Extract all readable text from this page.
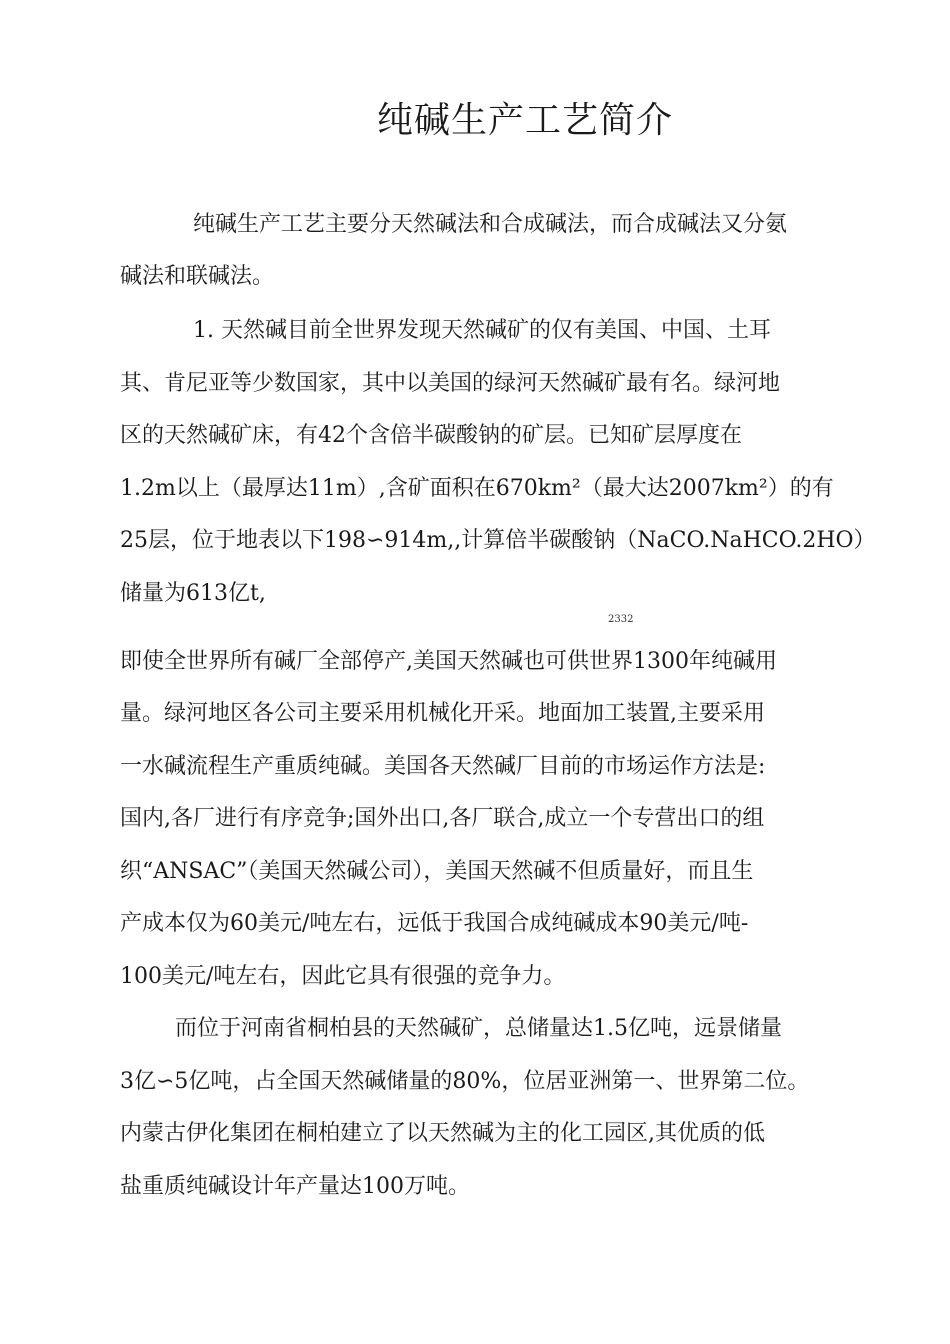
纯碱生产工艺简介
纯碱生产工艺主要分天然碱法和合成碱法，而合成碱法又分氨
碱法和联碱法。
1. 天然碱目前全世界发现天然碱矿的仅有美国、中国、土耳
其、肯尼亚等少数国家，其中以美国的绿河天然碱矿最有名。绿河地
区的天然碱矿床，有42个含倍半碳酸钠的矿层。已知矿层厚度在
1.2m以上（最厚达11m）,含矿面积在670km²（最大达2007km²）的有
25层，位于地表以下198∽914m,,计算倍半碳酸钠（NaCO.NaHCO.2HO）
储量为613亿t,
2332
即使全世界所有碱厂全部停产,美国天然碱也可供世界1300年纯碱用
量。绿河地区各公司主要采用机械化开采。地面加工装置,主要采用
一水碱流程生产重质纯碱。美国各天然碱厂目前的市场运作方法是:
国内,各厂进行有序竞争;国外出口,各厂联合,成立一个专营出口的组
织“ANSAC”（美国天然碱公司），美国天然碱不但质量好，而且生
产成本仅为60美元/吨左右，远低于我国合成纯碱成本90美元/吨-
100美元/吨左右，因此它具有很强的竞争力。
而位于河南省桐柏县的天然碱矿，总储量达1.5亿吨，远景储量
3亿∽5亿吨，占全国天然碱储量的80%，位居亚洲第一、世界第二位。
内蒙古伊化集团在桐柏建立了以天然碱为主的化工园区,其优质的低
盐重质纯碱设计年产量达100万吨。
